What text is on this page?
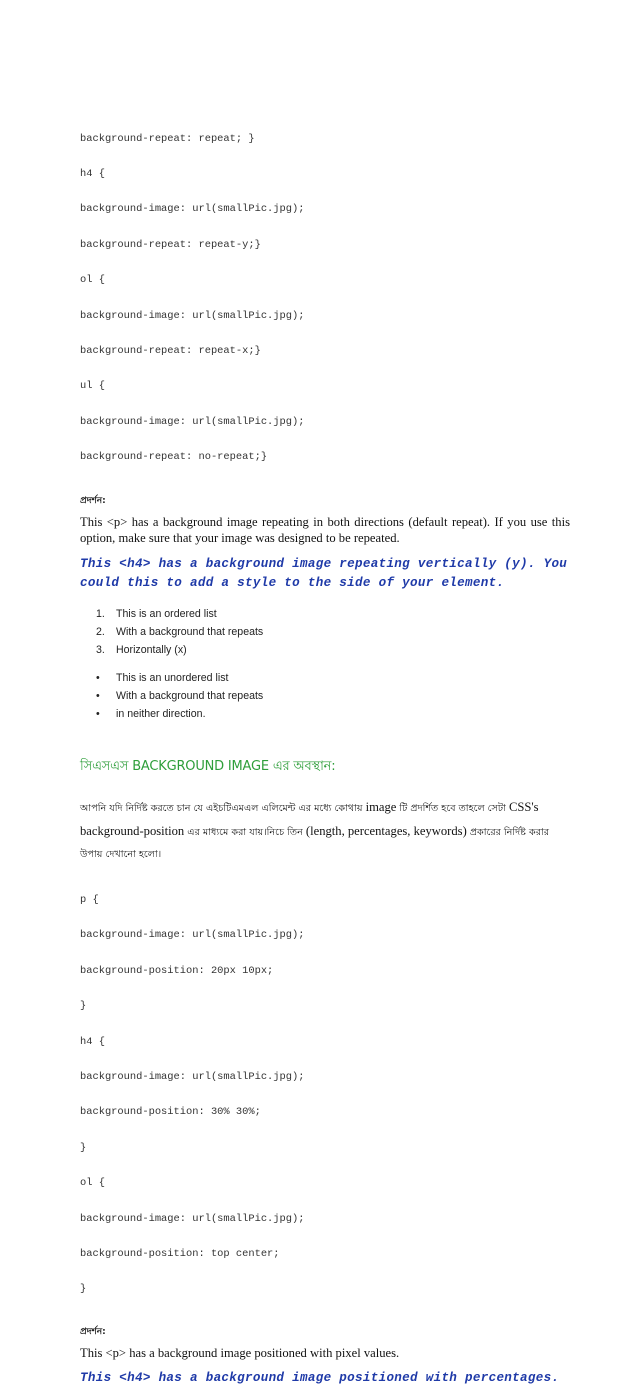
background-repeat: repeat; }

h4 {

background-image: url(smallPic.jpg);

background-repeat: repeat-y;}

ol {

background-image: url(smallPic.jpg);

background-repeat: repeat-x;}

ul {

background-image: url(smallPic.jpg);

background-repeat: no-repeat;}

প্রদর্শন:
This <p> has a background image repeating in both directions (default repeat). If you use this option, make sure that your image was designed to be repeated.
This <h4> has a background image repeating vertically (y). You could this to add a style to the side of your element.
1.	This is an ordered list
2.	With a background that repeats
3.	Horizontally (x)
•	This is an unordered list
•	With a background that repeats
•	in neither direction.
সিএসএস BACKGROUND IMAGE এর অবস্থান:
আপনি যদি নির্দিষ্ট করতে চান যে এইচটিএমএল এলিমেন্ট এর মধ্যে কোথায় image টি প্রদর্শিত হবে তাহলে সেটা CSS's background-position এর মাধ্যমে করা যায়।নিচে তিন (length, percentages, keywords) প্রকারের নির্দিষ্ট করার উপায় দেখানো হলো।

p {

background-image: url(smallPic.jpg);

background-position: 20px 10px;

}

h4 {

background-image: url(smallPic.jpg);

background-position: 30% 30%;

}

ol {

background-image: url(smallPic.jpg);

background-position: top center;

}

প্রদর্শন:
This <p> has a background image positioned with pixel values.
This <h4> has a background image positioned with percentages.
